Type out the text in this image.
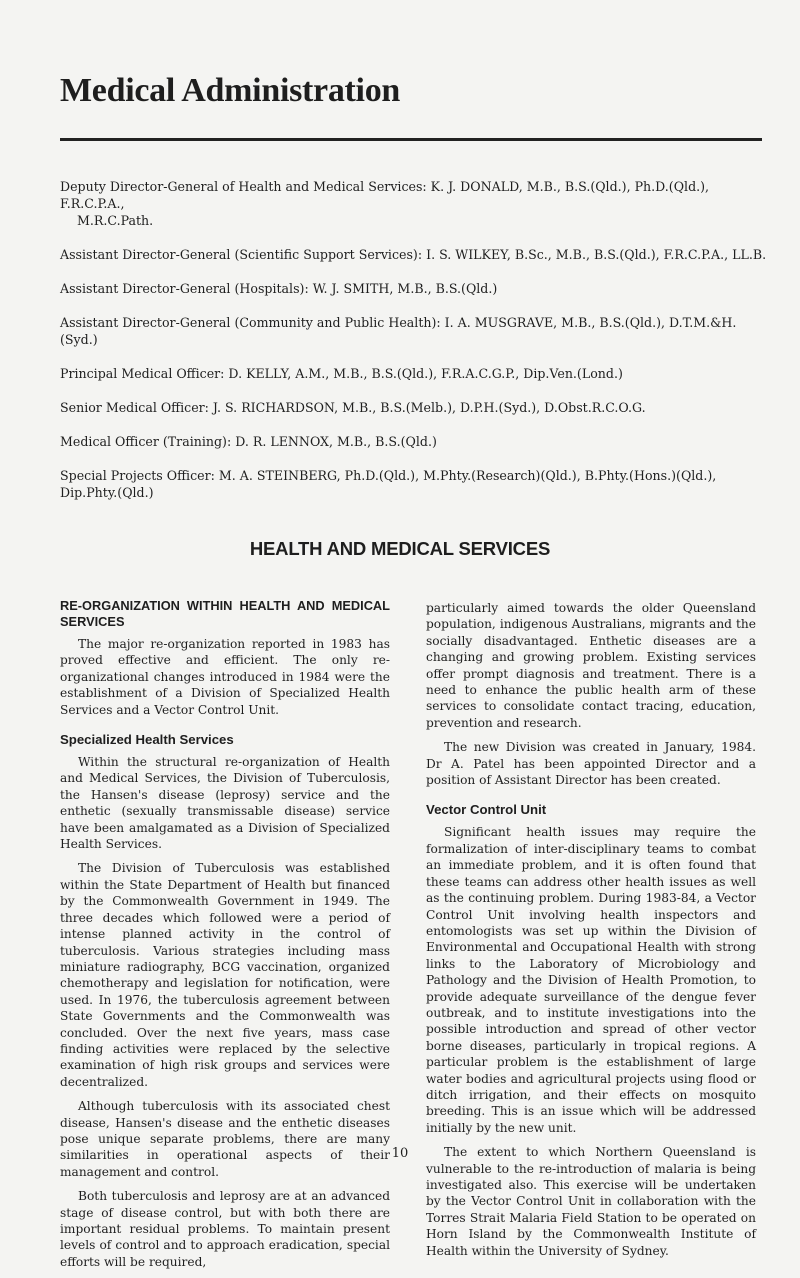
Medical Administration
Deputy Director-General of Health and Medical Services: K. J. DONALD, M.B., B.S.(Qld.), Ph.D.(Qld.), F.R.C.P.A.,
M.R.C.Path.
Assistant Director-General (Scientific Support Services): I. S. WILKEY, B.Sc., M.B., B.S.(Qld.), F.R.C.P.A., LL.B.
Assistant Director-General (Hospitals): W. J. SMITH, M.B., B.S.(Qld.)
Assistant Director-General (Community and Public Health): I. A. MUSGRAVE, M.B., B.S.(Qld.), D.T.M.&H.(Syd.)
Principal Medical Officer: D. KELLY, A.M., M.B., B.S.(Qld.), F.R.A.C.G.P., Dip.Ven.(Lond.)
Senior Medical Officer: J. S. RICHARDSON, M.B., B.S.(Melb.), D.P.H.(Syd.), D.Obst.R.C.O.G.
Medical Officer (Training): D. R. LENNOX, M.B., B.S.(Qld.)
Special Projects Officer: M. A. STEINBERG, Ph.D.(Qld.), M.Phty.(Research)(Qld.), B.Phty.(Hons.)(Qld.), Dip.Phty.(Qld.)
HEALTH AND MEDICAL SERVICES
RE-ORGANIZATION WITHIN HEALTH AND MEDICAL SERVICES

The major re-organization reported in 1983 has proved effective and efficient. The only re-organizational changes introduced in 1984 were the establishment of a Division of Specialized Health Services and a Vector Control Unit.

Specialized Health Services

Within the structural re-organization of Health and Medical Services, the Division of Tuberculosis, the Hansen's disease (leprosy) service and the enthetic (sexually transmissable disease) service have been amalgamated as a Division of Specialized Health Services.

The Division of Tuberculosis was established within the State Department of Health but financed by the Commonwealth Government in 1949. The three decades which followed were a period of intense planned activity in the control of tuberculosis. Various strategies including mass miniature radiography, BCG vaccination, organized chemotherapy and legislation for notification, were used. In 1976, the tuberculosis agreement between State Governments and the Commonwealth was concluded. Over the next five years, mass case finding activities were replaced by the selective examination of high risk groups and services were decentralized.

Although tuberculosis with its associated chest disease, Hansen's disease and the enthetic diseases pose unique separate problems, there are many similarities in operational aspects of their management and control.

Both tuberculosis and leprosy are at an advanced stage of disease control, but with both there are important residual problems. To maintain present levels of control and to approach eradication, special efforts will be required,

particularly aimed towards the older Queensland population, indigenous Australians, migrants and the socially disadvantaged. Enthetic diseases are a changing and growing problem. Existing services offer prompt diagnosis and treatment. There is a need to enhance the public health arm of these services to consolidate contact tracing, education, prevention and research.

The new Division was created in January, 1984. Dr A. Patel has been appointed Director and a position of Assistant Director has been created.

Vector Control Unit

Significant health issues may require the formalization of inter-disciplinary teams to combat an immediate problem, and it is often found that these teams can address other health issues as well as the continuing problem. During 1983-84, a Vector Control Unit involving health inspectors and entomologists was set up within the Division of Environmental and Occupational Health with strong links to the Laboratory of Microbiology and Pathology and the Division of Health Promotion, to provide adequate surveillance of the dengue fever outbreak, and to institute investigations into the possible introduction and spread of other vector borne diseases, particularly in tropical regions. A particular problem is the establishment of large water bodies and agricultural projects using flood or ditch irrigation, and their effects on mosquito breeding. This is an issue which will be addressed initially by the new unit.

The extent to which Northern Queensland is vulnerable to the re-introduction of malaria is being investigated also. This exercise will be undertaken by the Vector Control Unit in collaboration with the Torres Strait Malaria Field Station to be operated on Horn Island by the Commonwealth Institute of Health within the University of Sydney.

10
